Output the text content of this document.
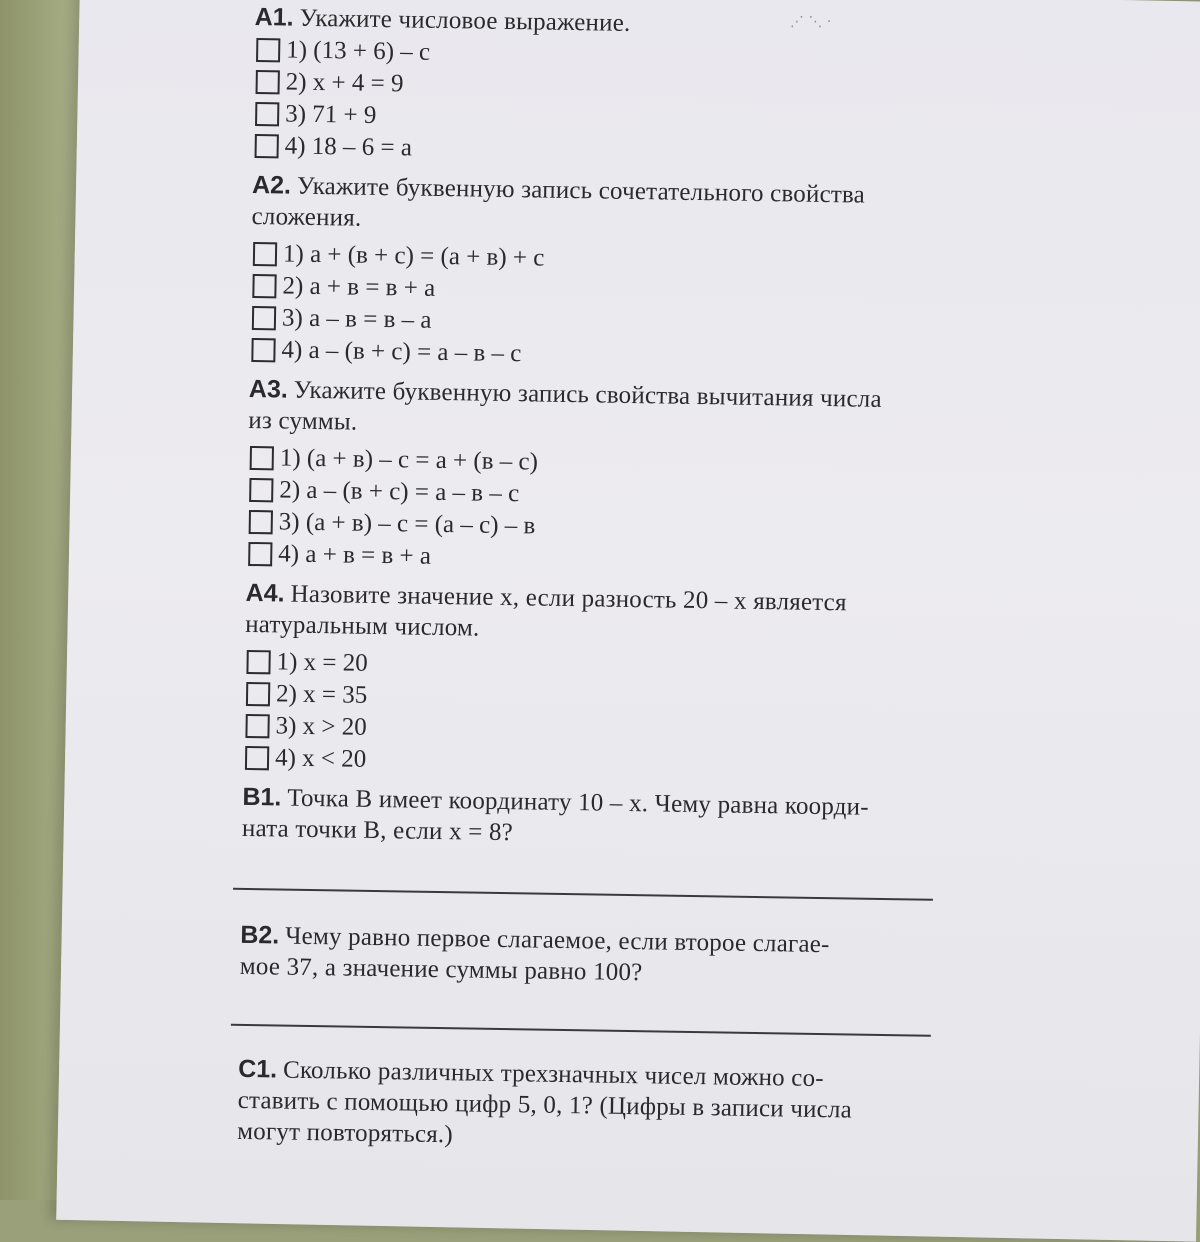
А1. Укажите числовое выражение.
1) (13 + 6) – c
2) x + 4 = 9
3) 71 + 9
4) 18 – 6 = a
А2. Укажите буквенную запись сочетательного свойства
сложения.
1) a + (в + c) = (a + в) + c
2) a + в = в + a
3) a – в = в – a
4) a – (в + c) = a – в – c
А3. Укажите буквенную запись свойства вычитания числа
из суммы.
1) (a + в) – c = a + (в – c)
2) a – (в + c) = a – в – c
3) (a + в) – c = (a – c) – в
4) a + в = в + a
А4. Назовите значение x, если разность 20 – x является
натуральным числом.
1) x = 20
2) x = 35
3) x > 20
4) x < 20
В1. Точка B имеет координату 10 – x. Чему равна коорди-
ната точки B, если x = 8?
В2. Чему равно первое слагаемое, если второе слагае-
мое 37, а значение суммы равно 100?
С1. Сколько различных трехзначных чисел можно со-
ставить с помощью цифр 5, 0, 1? (Цифры в записи числа
могут повторяться.)
⋰ ⋱ ·
